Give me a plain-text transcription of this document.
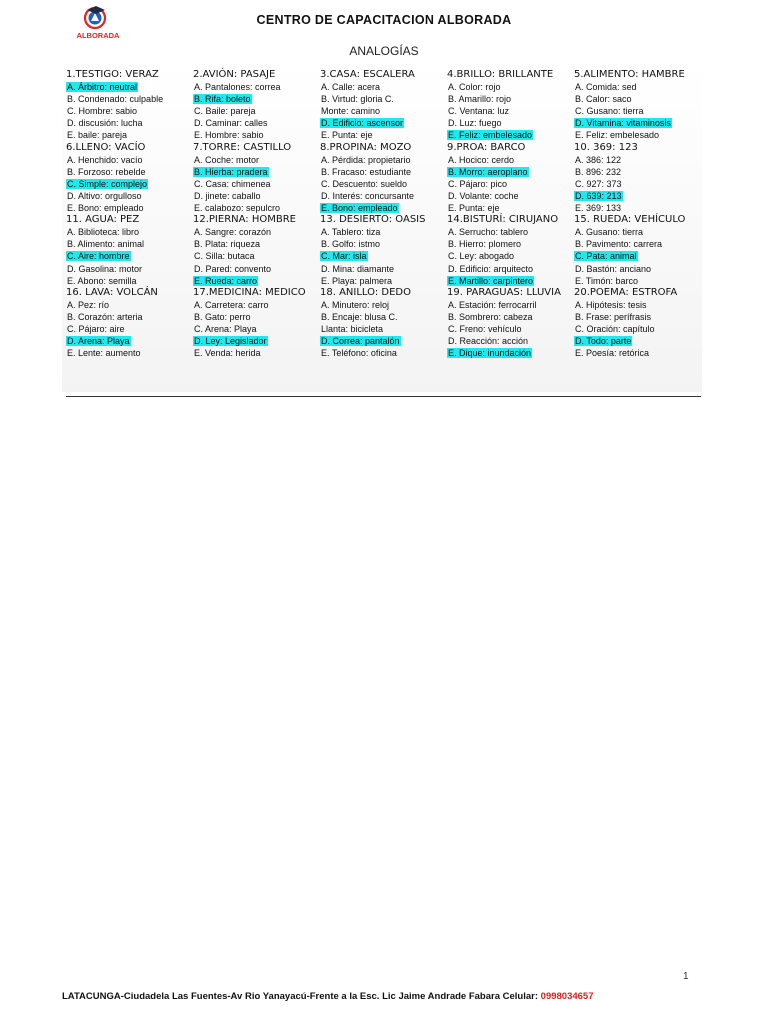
ALBORADA
CENTRO DE CAPACITACION ALBORADA
ANALOGÍAS
1.TESTIGO: VERAZ
A. Árbitro: neutral
B. Condenado: culpable
C. Hombre: sabio
D. discusión: lucha
E. baile: pareja
6.LLENO: VACÍO
A. Henchido: vacío
B. Forzoso: rebelde
C. Simple: complejo
D. Altivo: orgulloso
E. Bono: empleado
11. AGUA: PEZ
A. Biblioteca: libro
B. Alimento: animal
C. Aire: hombre
D. Gasolina: motor
E. Abono: semilla
16. LAVA: VOLCÁN
A. Pez: río
B. Corazón: arteria
C. Pájaro: aire
D. Arena: Playa
E. Lente: aumento
2.AVIÓN: PASAJE
A. Pantalones: correa
B. Rifa: boleto
C. Baile: pareja
D. Caminar: calles
E. Hombre: sabio
7.TORRE: CASTILLO
A. Coche: motor
B. Hierba: pradera
C. Casa: chimenea
D. jinete: caballo
E. calabozo: sepulcro
12.PIERNA: HOMBRE
A. Sangre: corazón
B. Plata: riqueza
C. Silla: butaca
D. Pared: convento
E. Rueda: carro
17.MEDICINA: MEDICO
A. Carretera: carro
B. Gato: perro
C. Arena: Playa
D. Ley: Legislador
E. Venda: herida
3.CASA: ESCALERA
A. Calle: acera
B. Virtud: gloria C.
Monte: camino
D. Edificio: ascensor
E. Punta: eje
8.PROPINA: MOZO
A. Pérdida: propietario
B. Fracaso: estudiante
C. Descuento: sueldo
D. Interés: concursante
E. Bono: empleado
13. DESIERTO: OASIS
A. Tablero: tiza
B. Golfo: istmo
C. Mar: isla
D. Mina: diamante
E. Playa: palmera
18. ANILLO: DEDO
A. Minutero: reloj
B. Encaje: blusa C.
Llanta: bicicleta
D. Correa: pantalón
E. Teléfono: oficina
4.BRILLO: BRILLANTE
A. Color: rojo
B. Amarillo: rojo
C. Ventana: luz
D. Luz: fuego
E. Feliz: embelesado
9.PROA: BARCO
A. Hocico: cerdo
B. Morro: aeroplano
C. Pájaro: pico
D. Volante: coche
E. Punta: eje
14.BISTURÍ: CIRUJANO
A. Serrucho: tablero
B. Hierro: plomero
C. Ley: abogado
D. Edificio: arquitecto
E. Martillo: carpintero
19. PARAGUAS: LLUVIA
A. Estación: ferrocarril
B. Sombrero: cabeza
C. Freno: vehículo
D. Reacción: acción
E. Dique: inundación
5.ALIMENTO: HAMBRE
A. Comida: sed
B. Calor: saco
C. Gusano: tierra
D. Vitamina: vitaminosis
E. Feliz: embelesado
10. 369: 123
A. 386: 122
B. 896: 232
C. 927: 373
D. 639: 213
E. 369: 133
15. RUEDA: VEHÍCULO
A. Gusano: tierra
B. Pavimento: carrera
C. Pata: animal
D. Bastón: anciano
E. Timón: barco
20.POEMA: ESTROFA
A. Hipótesis: tesis
B. Frase: perífrasis
C. Oración: capítulo
D. Todo: parte
E. Poesía: retórica
1
LATACUNGA-Ciudadela Las Fuentes-Av Rio Yanayacú-Frente a la Esc. Lic Jaime Andrade Fabara Celular: 0998034657
